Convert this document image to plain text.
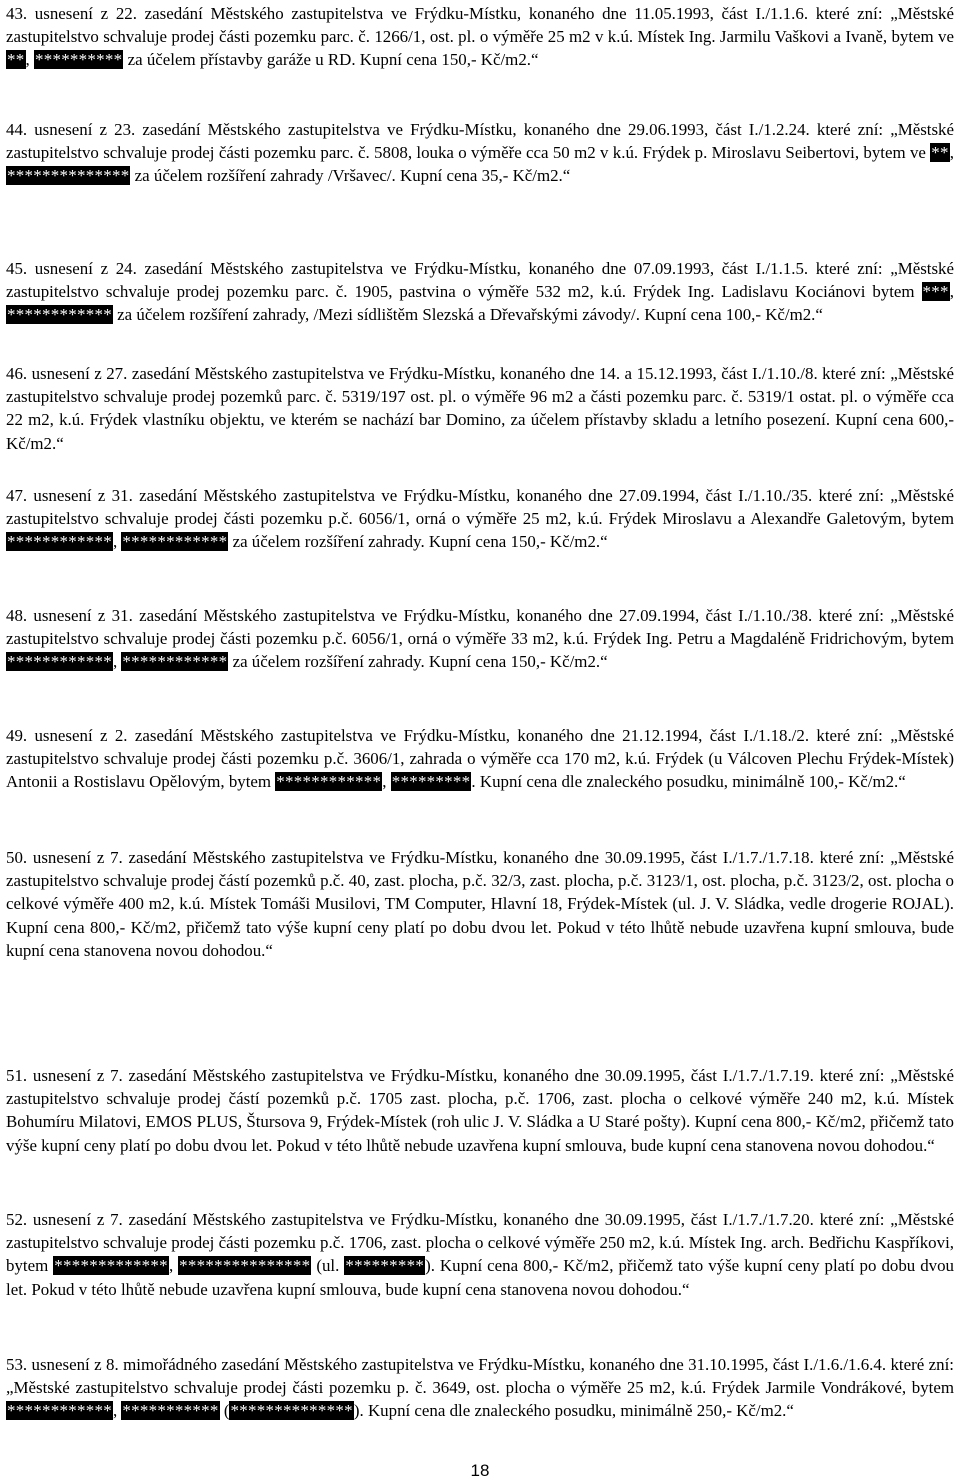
43. usnesení z 22. zasedání Městského zastupitelstva ve Frýdku-Místku, konaného dne 11.05.1993, část I./1.1.6. které zní: „Městské zastupitelstvo schvaluje prodej části pozemku parc. č. 1266/1, ost. pl. o výměře 25 m2 v k.ú. Místek Ing. Jarmilu Vaškovi a Ivaně, bytem ve **, ********** za účelem přístavby garáže u RD. Kupní cena 150,- Kč/m2.“

44. usnesení z 23. zasedání Městského zastupitelstva ve Frýdku-Místku, konaného dne 29.06.1993, část I./1.2.24. které zní: „Městské zastupitelstvo schvaluje prodej části pozemku parc. č. 5808, louka o výměře cca 50 m2 v k.ú. Frýdek p. Miroslavu Seibertovi, bytem ve **, ************** za účelem rozšíření zahrady /Vršavec/. Kupní cena 35,- Kč/m2.“

45. usnesení z 24. zasedání Městského zastupitelstva ve Frýdku-Místku, konaného dne 07.09.1993, část I./1.1.5. které zní: „Městské zastupitelstvo schvaluje prodej pozemku parc. č. 1905, pastvina o výměře 532 m2, k.ú. Frýdek Ing. Ladislavu Kociánovi bytem ***, ************ za účelem rozšíření zahrady, /Mezi sídlištěm Slezská a Dřevařskými závody/. Kupní cena 100,- Kč/m2.“

46. usnesení z 27. zasedání Městského zastupitelstva ve Frýdku-Místku, konaného dne 14. a 15.12.1993, část I./1.10./8. které zní: „Městské zastupitelstvo schvaluje prodej pozemků parc. č. 5319/197 ost. pl. o výměře 96 m2 a části pozemku parc. č. 5319/1 ostat. pl. o výměře cca 22 m2, k.ú. Frýdek vlastníku objektu, ve kterém se nachází bar Domino, za účelem přístavby skladu a letního posezení. Kupní cena 600,- Kč/m2.“

47. usnesení z 31. zasedání Městského zastupitelstva ve Frýdku-Místku, konaného dne 27.09.1994, část I./1.10./35. které zní: „Městské zastupitelstvo schvaluje prodej části pozemku p.č. 6056/1, orná o výměře 25 m2, k.ú. Frýdek Miroslavu a Alexandře Galetovým, bytem ************, ************ za účelem rozšíření zahrady. Kupní cena 150,- Kč/m2.“

48. usnesení z 31. zasedání Městského zastupitelstva ve Frýdku-Místku, konaného dne 27.09.1994, část I./1.10./38. které zní: „Městské zastupitelstvo schvaluje prodej části pozemku p.č. 6056/1, orná o výměře 33 m2, k.ú. Frýdek Ing. Petru a Magdaléně Fridrichovým, bytem ************, ************ za účelem rozšíření zahrady. Kupní cena 150,- Kč/m2.“

49. usnesení z 2. zasedání Městského zastupitelstva ve Frýdku-Místku, konaného dne 21.12.1994, část I./1.18./2. které zní: „Městské zastupitelstvo schvaluje prodej části pozemku p.č. 3606/1, zahrada o výměře cca 170 m2, k.ú. Frýdek (u Válcoven Plechu Frýdek-Místek) Antonii a Rostislavu Opělovým, bytem ************, *********. Kupní cena dle znaleckého posudku, minimálně 100,- Kč/m2.“

50. usnesení z 7. zasedání Městského zastupitelstva ve Frýdku-Místku, konaného dne 30.09.1995, část I./1.7./1.7.18. které zní: „Městské zastupitelstvo schvaluje prodej částí pozemků p.č. 40, zast. plocha, p.č. 32/3, zast. plocha, p.č. 3123/1, ost. plocha, p.č. 3123/2, ost. plocha o celkové výměře 400 m2, k.ú. Místek Tomáši Musilovi, TM Computer, Hlavní 18, Frýdek-Místek (ul. J. V. Sládka, vedle drogerie ROJAL). Kupní cena 800,- Kč/m2, přičemž tato výše kupní ceny platí po dobu dvou let. Pokud v této lhůtě nebude uzavřena kupní smlouva, bude kupní cena stanovena novou dohodou.“

51. usnesení z 7. zasedání Městského zastupitelstva ve Frýdku-Místku, konaného dne 30.09.1995, část I./1.7./1.7.19. které zní: „Městské zastupitelstvo schvaluje prodej částí pozemků p.č. 1705 zast. plocha, p.č. 1706, zast. plocha o celkové výměře 240 m2, k.ú. Místek Bohumíru Milatovi, EMOS PLUS, Štursova 9, Frýdek-Místek (roh ulic J. V. Sládka a U Staré pošty). Kupní cena 800,- Kč/m2, přičemž tato výše kupní ceny platí po dobu dvou let. Pokud v této lhůtě nebude uzavřena kupní smlouva, bude kupní cena stanovena novou dohodou.“

52. usnesení z 7. zasedání Městského zastupitelstva ve Frýdku-Místku, konaného dne 30.09.1995, část I./1.7./1.7.20. které zní: „Městské zastupitelstvo schvaluje prodej části pozemku p.č. 1706, zast. plocha o celkové výměře 250 m2, k.ú. Místek Ing. arch. Bedřichu Kaspříkovi, bytem *************, *************** (ul. *********). Kupní cena 800,- Kč/m2, přičemž tato výše kupní ceny platí po dobu dvou let. Pokud v této lhůtě nebude uzavřena kupní smlouva, bude kupní cena stanovena novou dohodou.“

53. usnesení z 8. mimořádného zasedání Městského zastupitelstva ve Frýdku-Místku, konaného dne 31.10.1995, část I./1.6./1.6.4. které zní: „Městské zastupitelstvo schvaluje prodej části pozemku p. č. 3649, ost. plocha o výměře 25 m2, k.ú. Frýdek Jarmile Vondrákové, bytem ************, *********** (**************). Kupní cena dle znaleckého posudku, minimálně 250,- Kč/m2.“

18
